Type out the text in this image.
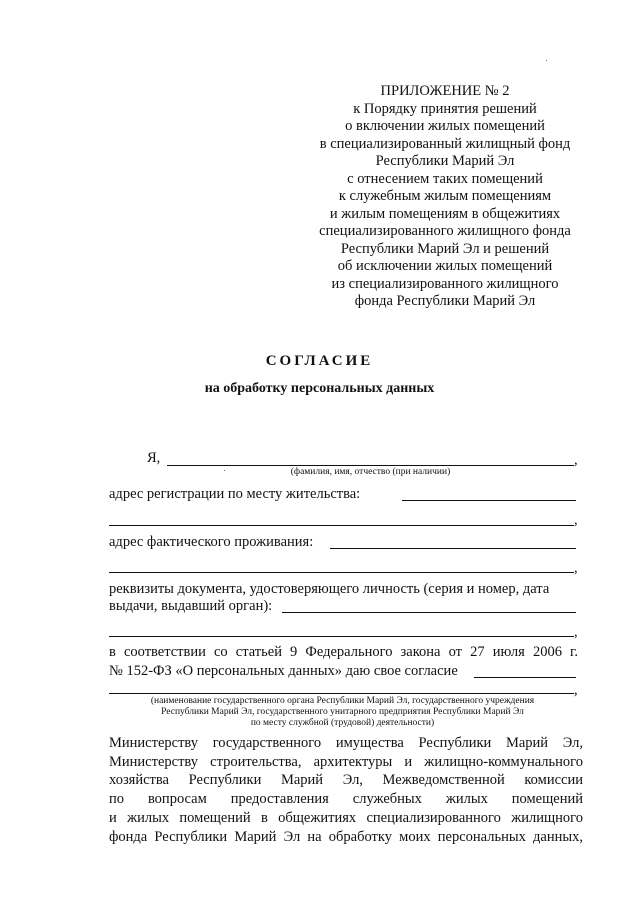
ПРИЛОЖЕНИЕ № 2
к Порядку принятия решений
о включении жилых помещений
в специализированный жилищный фонд
Республики Марий Эл
с отнесением таких помещений
к служебным жилым помещениям
и жилым помещениям в общежитиях
специализированного жилищного фонда
Республики Марий Эл и решений
об исключении жилых помещений
из специализированного жилищного
фонда Республики Марий Эл
СОГЛАСИЕ
на обработку персональных данных
Я,	,
(фамилия, имя, отчество (при наличии)
адрес регистрации по месту жительства:
,
адрес фактического проживания:
,
реквизиты документа, удостоверяющего личность (серия и номер, дата
выдачи, выдавший орган):
,
в соответствии со статьей 9 Федерального закона от 27 июля 2006 г.
№ 152-ФЗ «О персональных данных» даю свое согласие
,
(наименование государственного органа Республики Марий Эл, государственного учреждения
Республики Марий Эл, государственного унитарного предприятия Республики Марий Эл
по месту службной (трудовой) деятельности)
Министерству государственного имущества Республики Марий Эл,
Министерству строительства, архитектуры и жилищно-коммунального
хозяйства Республики Марий Эл, Межведомственной комиссии
по вопросам предоставления служебных жилых помещений
и жилых помещений в общежитиях специализированного жилищного
фонда Республики Марий Эл на обработку моих персональных данных,
